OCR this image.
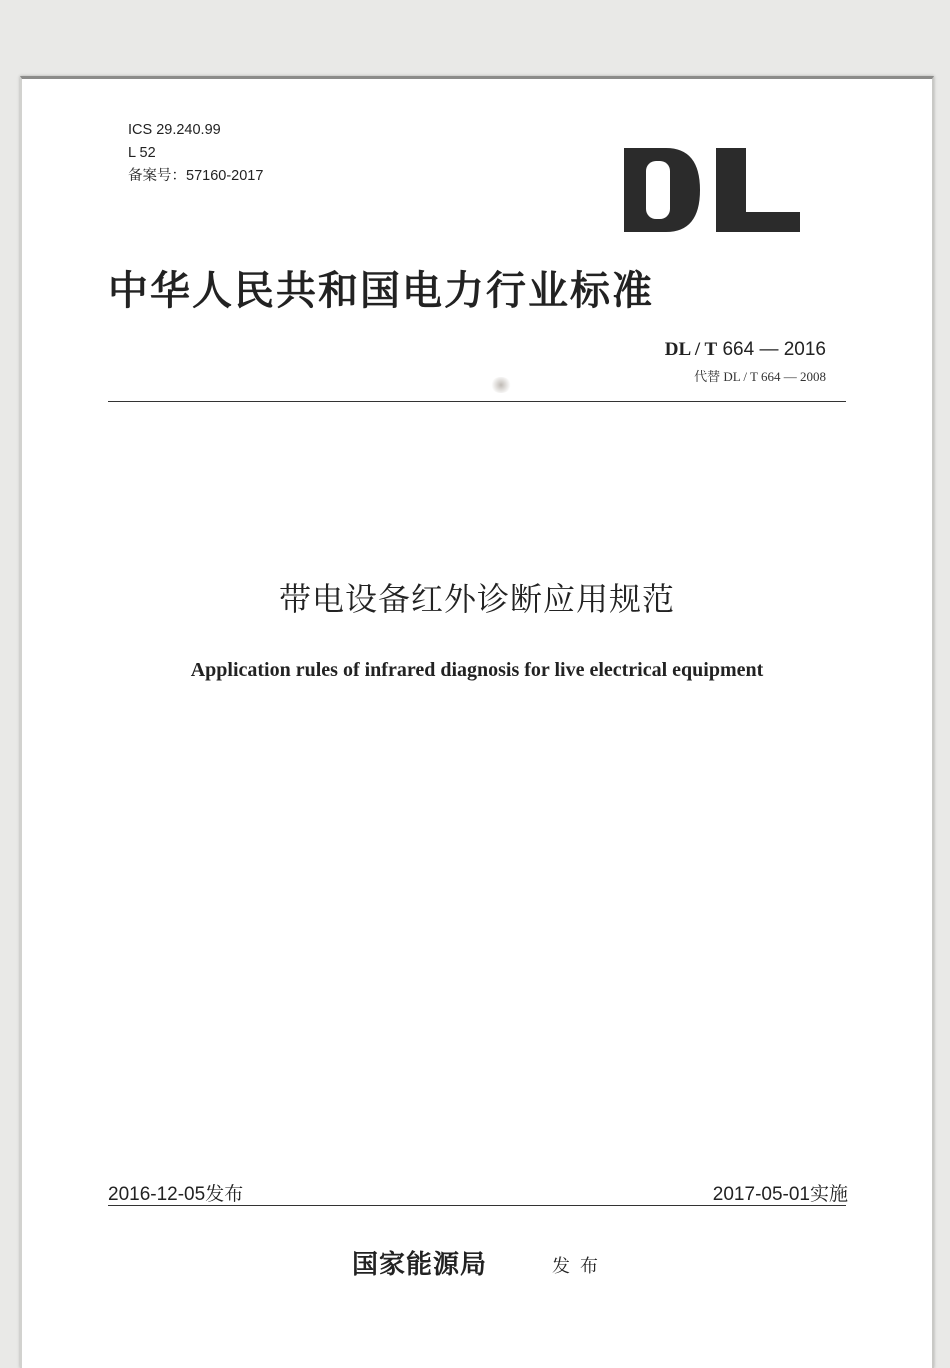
ICS 29.240.99
L 52
备案号：57160-2017
中华人民共和国电力行业标准
DL / T 664 — 2016
代替 DL / T 664 — 2008
带电设备红外诊断应用规范
Application rules of infrared diagnosis for live electrical equipment
2016-12-05发布	2017-05-01实施
国家能源局	发布
